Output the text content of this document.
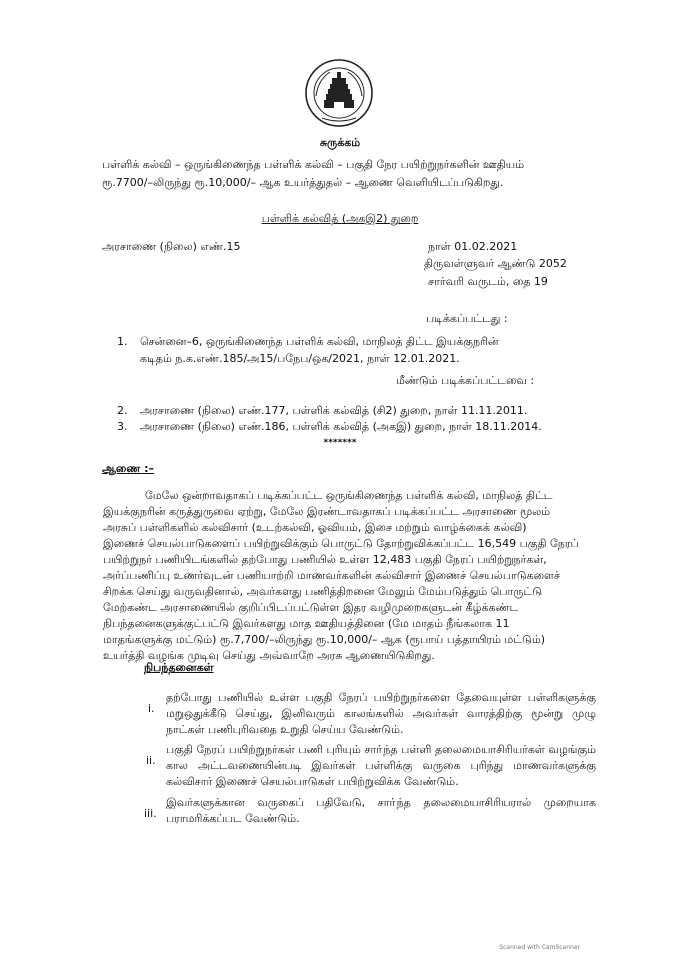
சுருக்கம்

பள்ளிக் கல்வி – ஒருங்கிணைந்த பள்ளிக் கல்வி – பகுதி நேர பயிற்றுநர்களின் ஊதியம்

ரூ.7700/–லிருந்து ரூ.10,000/– ஆக உயர்த்துதல் – ஆணை வெளியிடப்படுகிறது.

பள்ளிக் கல்வித் (அகஇ2) துறை

அரசாணை (நிலை) எண்.15	நாள் 01.02.2021

திருவள்ளுவர் ஆண்டு 2052

சார்வரி வருடம், தை 19

படிக்கப்பட்டது :

1. சென்னை–6, ஒருங்கிணைந்த பள்ளிக் கல்வி, மாநிலத் திட்ட இயக்குநரின்

கடிதம் ந.க.எண்.185/அ15/பநேப/ஒக/2021, நாள் 12.01.2021.

மீண்டும் படிக்கப்பட்டவை :

2. அரசாணை (நிலை) எண்.177, பள்ளிக் கல்வித் (சி2) துறை, நாள் 11.11.2011.

3. அரசாணை (நிலை) எண்.186, பள்ளிக் கல்வித் (அகஇ) துறை, நாள் 18.11.2014.

*******

ஆணை :–

மேலே ஒன்றாவதாகப் படிக்கப்பட்ட ஒருங்கிணைந்த பள்ளிக் கல்வி, மாநிலத் திட்ட
இயக்குநரின் கருத்துருவை ஏற்று, மேலே இரண்டாவதாகப் படிக்கப்பட்ட அரசாணை மூலம்
அரசுப் பள்ளிகளில் கல்விசார் (உடற்கல்வி, ஓவியம், இசை மற்றும் வாழ்க்கைக் கல்வி)
இணைச் செயல்பாடுகளைப் பயிற்றுவிக்கும் பொருட்டு தோற்றுவிக்கப்பட்ட 16,549 பகுதி நேரப்
பயிற்றுநர் பணியிடங்களில் தற்போது பணியில் உள்ள 12,483 பகுதி நேரப் பயிற்றுநர்கள்,
அர்ப்பணிப்பு உணர்வுடன் பணியாற்றி மாணவர்களின் கல்விசார் இணைச் செயல்பாடுகளைச்
சிறக்க செய்து வருவதினால், அவர்களது பணித்திறனை மேலும் மேம்படுத்தும் பொருட்டு
மேற்கண்ட அரசாணையில் குறிப்பிடப்பட்டுள்ள இதர வழிமுறைகளுடன் கீழ்க்கண்ட
நிபந்தனைகளுக்குட்பட்டு இவர்களது மாத ஊதியத்தினை (மே மாதம் நீங்கலாக 11
மாதங்களுக்கு மட்டும்) ரூ.7,700/–லிருந்து ரூ.10,000/– ஆக (ரூபாய் பத்தாயிரம் மட்டும்)
உயர்த்தி வழங்க முடிவு செய்து அவ்வாறே அரசு ஆணையிடுகிறது.

நிபந்தனைகள்

i.

தற்போது பணியில் உள்ள பகுதி நேரப் பயிற்றுநர்களை தேவையுள்ள பள்ளிகளுக்கு மறுஒதுக்கீடு செய்து, இனிவரும் காலங்களில் அவர்கள் வாரத்திற்கு மூன்று முழு நாட்கள் பணிபுரிவதை உறுதி செய்ய வேண்டும்.

ii.

பகுதி நேரப் பயிற்றுநர்கள் பணி புரியும் சாா்ந்த பள்ளி தலைமையாசிரியர்கள் வழங்கும் கால அட்டவணையின்படி இவர்கள் பள்ளிக்கு வருகை புரிந்து மாணவர்களுக்கு கல்விசார் இணைச் செயல்பாடுகள் பயிற்றுவிக்க வேண்டும்.

iii.

இவர்களுக்கான வருகைப் பதிவேடு, சாா்ந்த தலைமையாசிரியரால் முறையாக பராமரிக்கப்பட வேண்டும்.

Scanned with CamScanner
